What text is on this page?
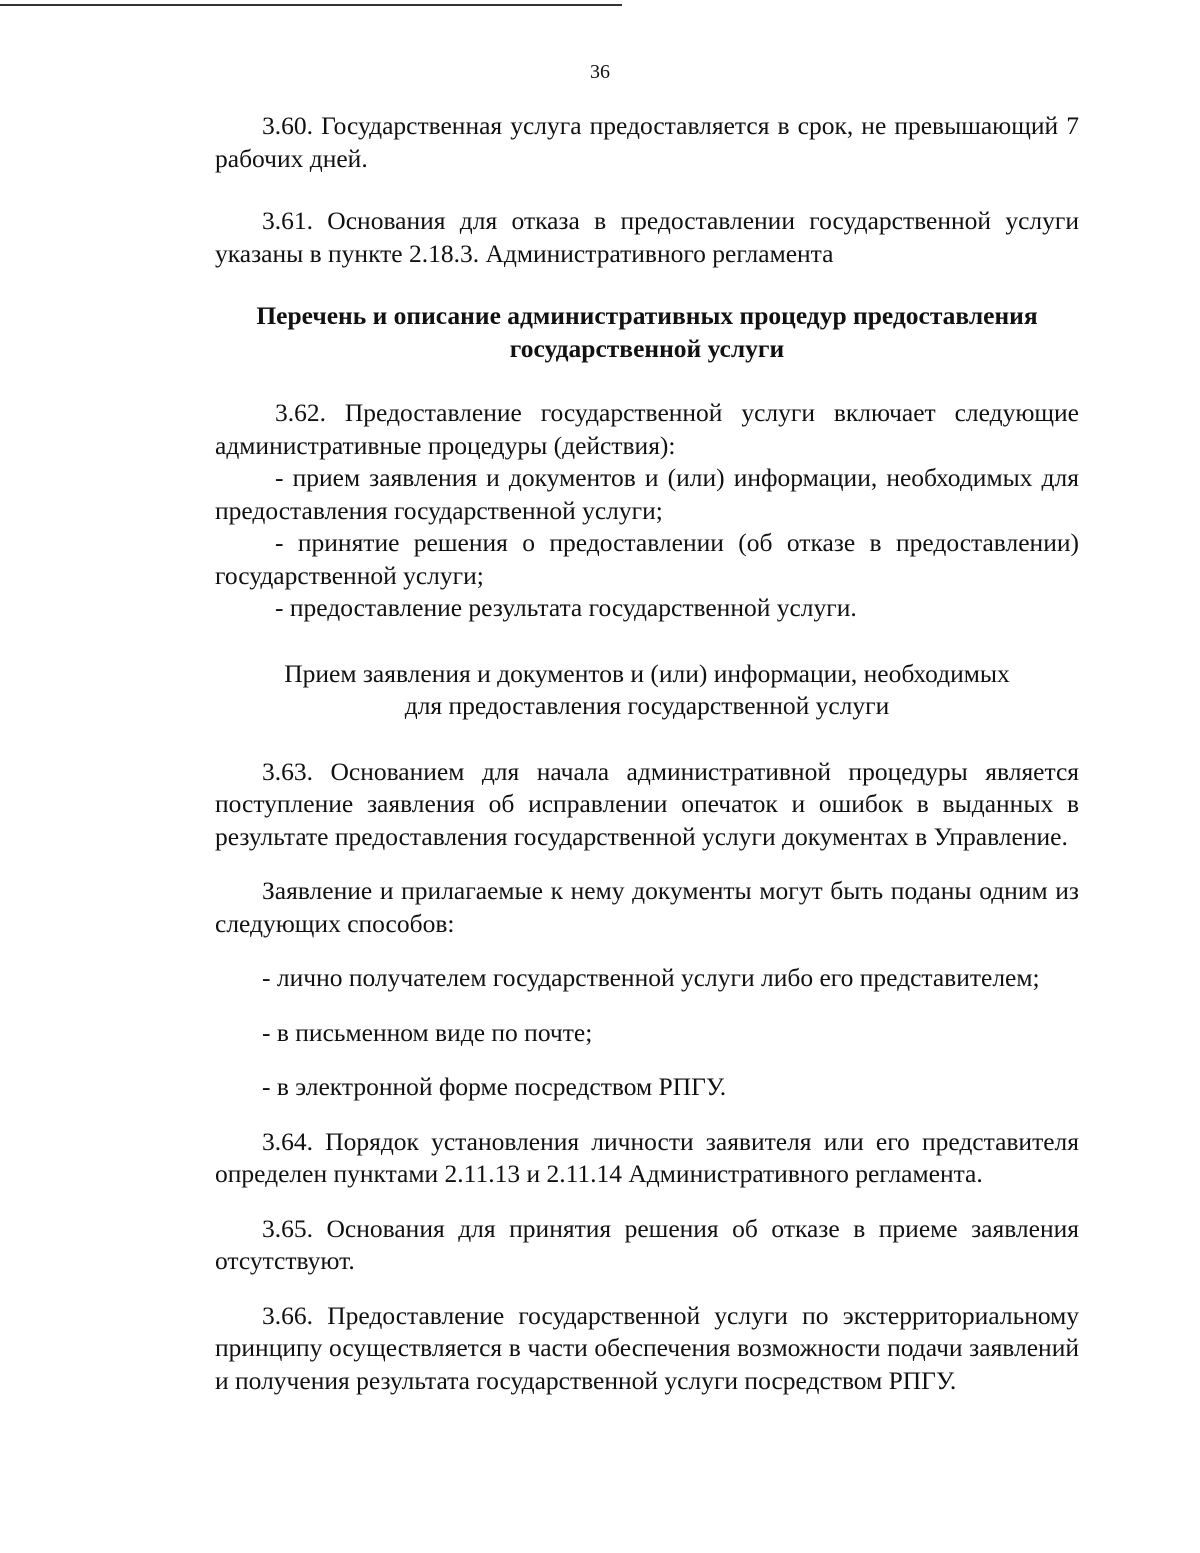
36

3.60. Государственная услуга предоставляется в срок, не превышающий 7 рабочих дней.

3.61. Основания для отказа в предоставлении государственной услуги указаны в пункте 2.18.3. Административного регламента

Перечень и описание административных процедур предоставления
государственной услуги

3.62. Предоставление государственной услуги включает следующие административные процедуры (действия):

- прием заявления и документов и (или) информации, необходимых для предоставления государственной услуги;

- принятие решения о предоставлении (об отказе в предоставлении) государственной услуги;

- предоставление результата государственной услуги.

Прием заявления и документов и (или) информации, необходимых
для предоставления государственной услуги

3.63. Основанием для начала административной процедуры является поступление заявления об исправлении опечаток и ошибок в выданных в результате предоставления государственной услуги документах в Управление.

Заявление и прилагаемые к нему документы могут быть поданы одним из следующих способов:

- лично получателем государственной услуги либо его представителем;

- в письменном виде по почте;

- в электронной форме посредством РПГУ.

3.64. Порядок установления личности заявителя или его представителя определен пунктами 2.11.13 и 2.11.14 Административного регламента.

3.65. Основания для принятия решения об отказе в приеме заявления отсутствуют.

3.66. Предоставление государственной услуги по экстерриториальному принципу осуществляется в части обеспечения возможности подачи заявлений и получения результата государственной услуги посредством РПГУ.
